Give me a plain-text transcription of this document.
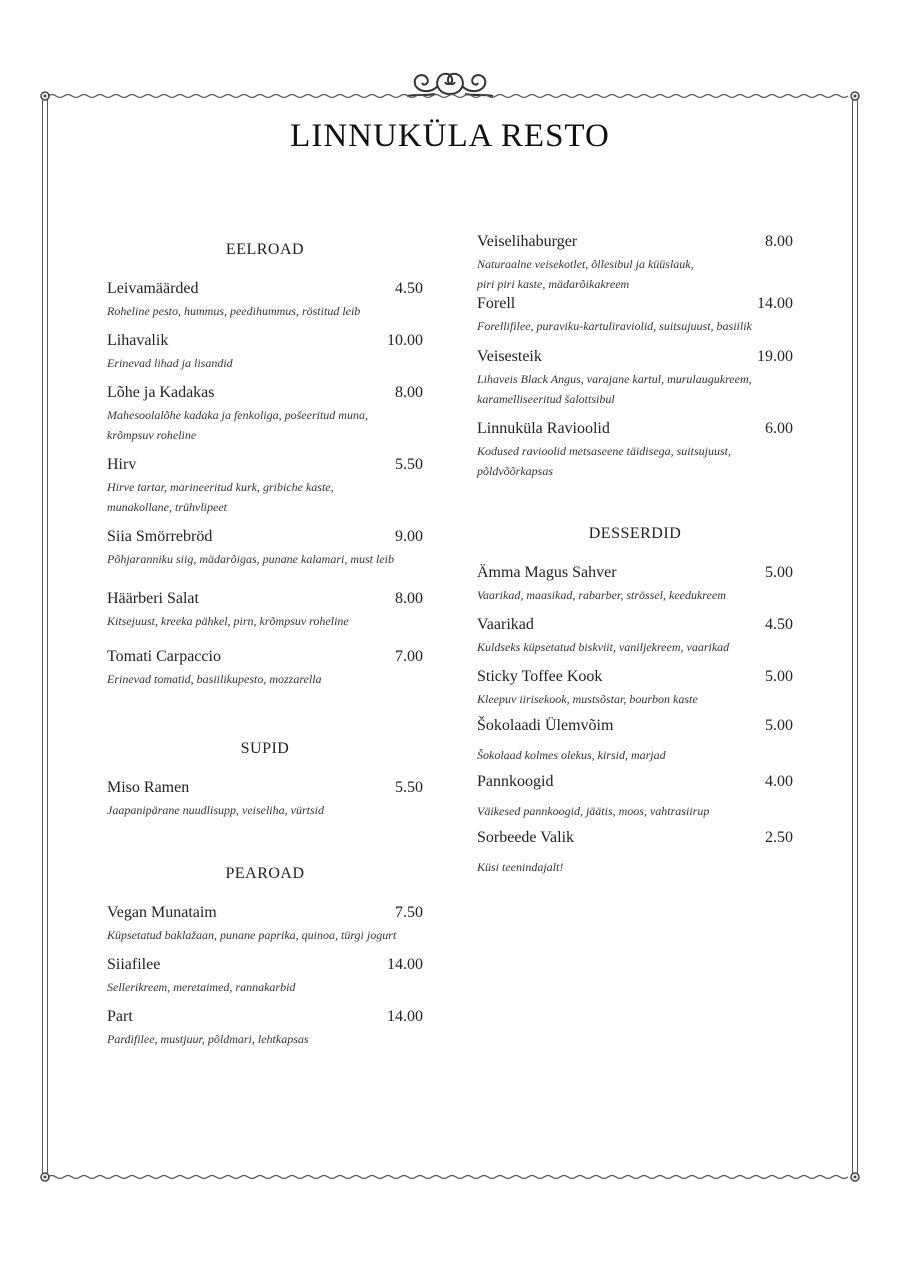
LINNUKÜLA RESTO
EELROAD
Leivamäärded	4.50
Roheline pesto, hummus, peedihummus, röstitud leib
Lihavalik	10.00
Erinevad lihad ja lisandid
Lõhe ja Kadakas	8.00
Mahesoolalõhe kadaka ja fenkoliga, pošeeritud muna, krõmpsuv roheline
Hirv	5.50
Hirve tartar, marineeritud kurk, gribiche kaste, munakollane, trühvlipeet
Siia Smörrebröd	9.00
Põhjaranniku siig, mädarõigas, punane kalamari, must leib
Häärberi Salat	8.00
Kitsejuust, kreeka pähkel, pirn, krõmpsuv roheline
Tomati Carpaccio	7.00
Erinevad tomatid, basiilikupesto, mozzarella
SUPID
Miso Ramen	5.50
Jaapanipärane nuudlisupp, veiseliha, vürtsid
PEAROAD
Vegan Munataim	7.50
Küpsetatud baklažaan, punane paprika, quinoa, türgi jogurt
Siiafilee	14.00
Sellerikreem, meretaimed, rannakarbid
Part	14.00
Pardifilee, mustjuur, põldmari, lehtkapsas
Veiselihaburger	8.00
Naturaalne veisekotlet, õllesibul ja küüslauk,
piri piri kaste, mädarõikakreem
Forell	14.00
Forellifilee, puraviku-kartuliraviolid, suitsujuust, basiilik
Veisesteik	19.00
Lihaveis Black Angus, varajane kartul, murulaugukreem,
karamelliseeritud šalottsibul
Linnuküla Ravioolid	6.00
Kodused ravioolid metsaseene täidisega, suitsujuust,
põldvõõrkapsas
DESSERDID
Ämma Magus Sahver	5.00
Vaarikad, maasikad, rabarber, strössel, keedukreem
Vaarikad	4.50
Kuldseks küpsetatud biskviit, vaniljekreem, vaarikad
Sticky Toffee Kook	5.00
Kleepuv iirisekook, mustsõstar, bourbon kaste
Šokolaadi Ülemvõim	5.00
Šokolaad kolmes olekus, kirsid, marjad
Pannkoogid	4.00
Väikesed pannkoogid, jäätis, moos, vahtrasiirup
Sorbeede Valik	2.50
Küsi teenindajalt!
